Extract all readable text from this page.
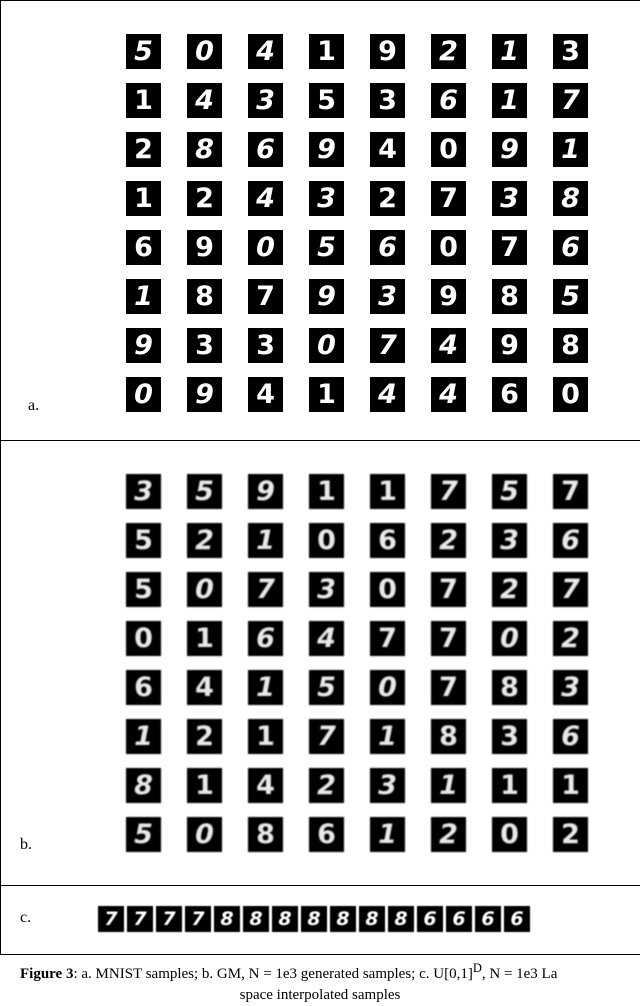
5	0	4	1	9	2	1	3
1	4	3	5	3	6	1	7
2	8	6	9	4	0	9	1
1	2	4	3	2	7	3	8
6	9	0	5	6	0	7	6
1	8	7	9	3	9	8	5
9	3	3	0	7	4	9	8
0	9	4	1	4	4	6	0
a.
3	5	9	1	1	7	5	7
5	2	1	0	6	2	3	6
5	0	7	3	0	7	2	7
0	1	6	4	7	7	0	2
6	4	1	5	0	7	8	3
1	2	1	7	1	8	3	6
8	1	4	2	3	1	1	1
5	0	8	6	1	2	0	2
b.
c.	7 7 7 7 8 8 8 8 8 8 8 6 6 6 6
Figure 3: a. MNIST samples; b. GM, N = 1e3 generated samples; c. $U[0,1]^D$, N = 1e3 La
space interpolated samples
